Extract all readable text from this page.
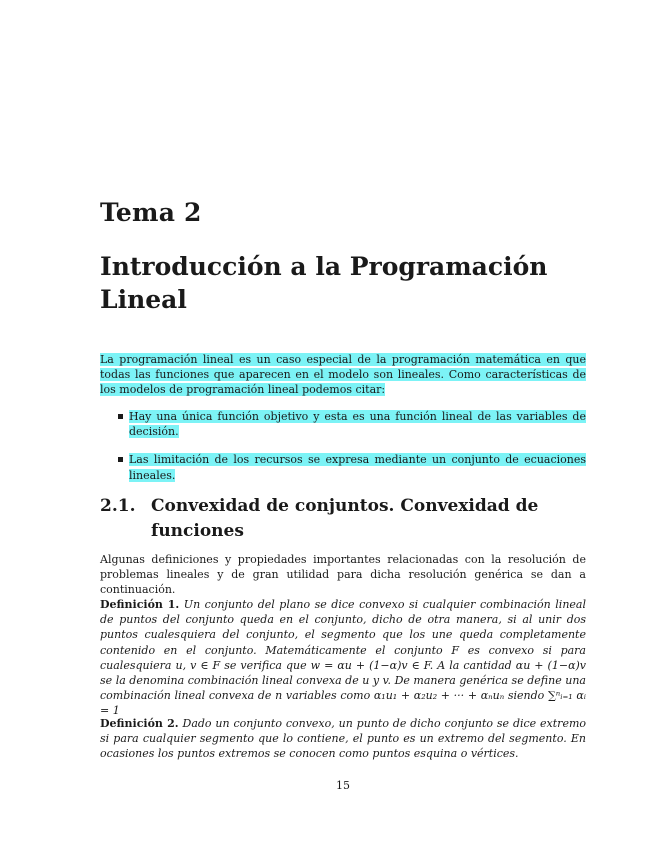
Tema 2
Introducción a la Programación
Lineal

La programación lineal es un caso especial de la programación matemática en que todas las funciones que aparecen en el modelo son lineales. Como características de los modelos de programación lineal podemos citar:

Hay una única función objetivo y esta es una función lineal de las variables de decisión.
Las limitación de los recursos se expresa mediante un conjunto de ecuaciones lineales.
2.1. Convexidad de conjuntos. Convexidad de funciones

Algunas definiciones y propiedades importantes relacionadas con la resolución de problemas lineales y de gran utilidad para dicha resolución genérica se dan a continuación.

Definición 1. Un conjunto del plano se dice convexo si cualquier combinación lineal de puntos del conjunto queda en el conjunto, dicho de otra manera, si al unir dos puntos cualesquiera del conjunto, el segmento que los une queda completamente contenido en el conjunto. Matemáticamente el conjunto F es convexo si para cualesquiera u, v ∈ F se verifica que w = αu + (1−α)v ∈ F. A la cantidad αu + (1−α)v se la denomina combinación lineal convexa de u y v. De manera genérica se define una combinación lineal convexa de n variables como α₁u₁ + α₂u₂ + ··· + αₙuₙ siendo ∑ⁿᵢ₌₁ αᵢ = 1

Definición 2. Dado un conjunto convexo, un punto de dicho conjunto se dice extremo si para cualquier segmento que lo contiene, el punto es un extremo del segmento. En ocasiones los puntos extremos se conocen como puntos esquina o vértices.

15
